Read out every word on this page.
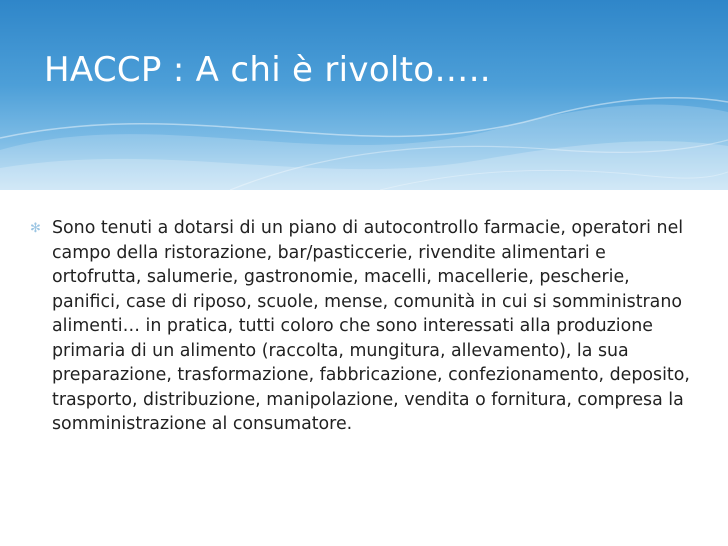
HACCP : A chi è rivolto…..
✻ Sono tenuti a dotarsi di un piano di autocontrollo farmacie, operatori nel campo della ristorazione, bar/pasticcerie, rivendite alimentari e ortofrutta, salumerie, gastronomie, macelli, macellerie, pescherie, panifici, case di riposo, scuole, mense, comunità in cui si somministrano alimenti… in pratica, tutti coloro che sono interessati alla produzione primaria di un alimento (raccolta, mungitura, allevamento), la sua preparazione, trasformazione, fabbricazione, confezionamento, deposito, trasporto, distribuzione, manipolazione, vendita o fornitura, compresa la somministrazione al consumatore.
